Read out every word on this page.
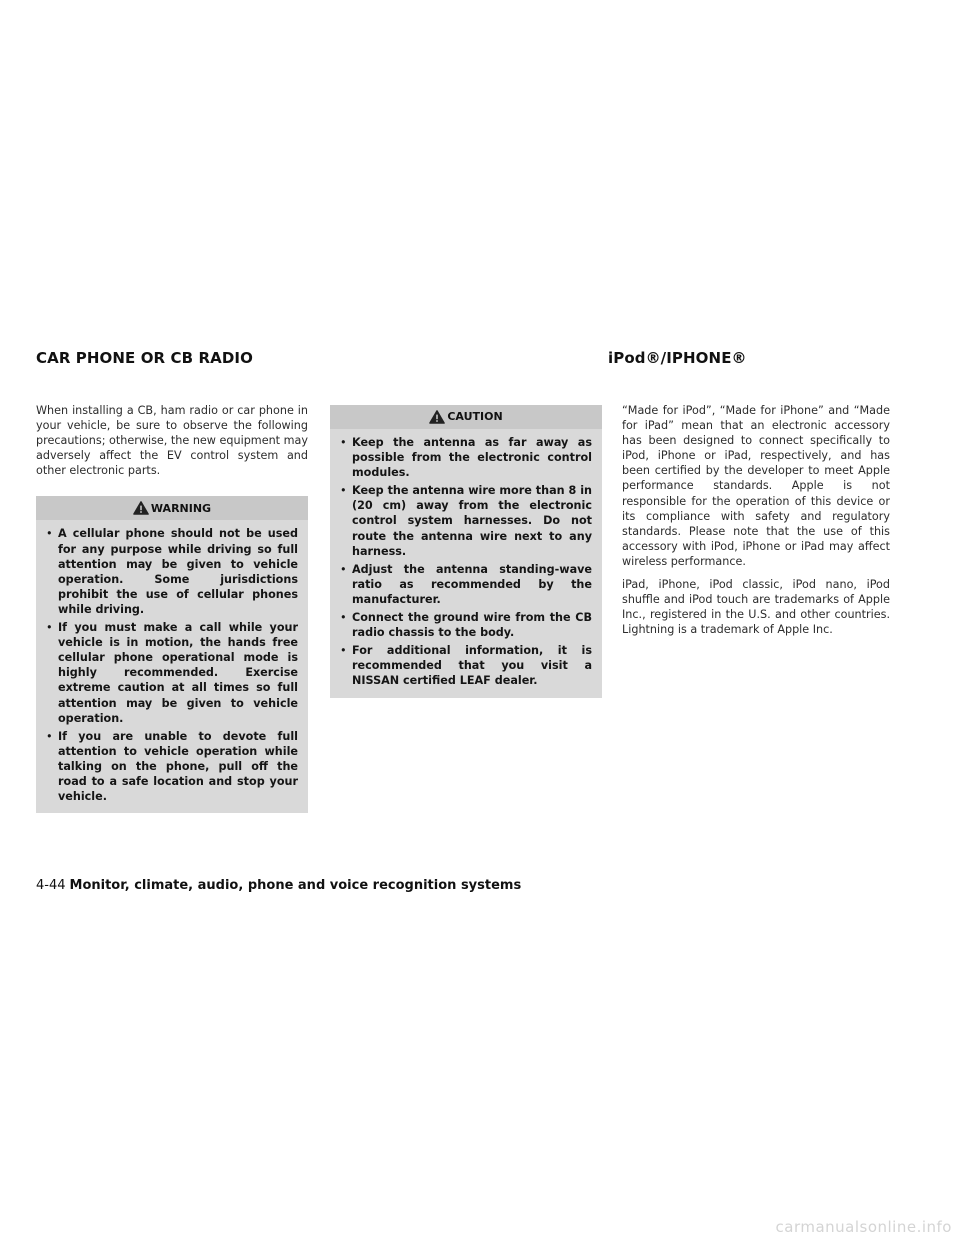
CAR PHONE OR CB RADIO	iPod®/IPHONE®

When installing a CB, ham radio or car phone in your vehicle, be sure to observe the following precautions; otherwise, the new equipment may adversely affect the EV control system and other electronic parts.

WARNING
• A cellular phone should not be used for any purpose while driving so full attention may be given to vehicle operation. Some jurisdictions prohibit the use of cellular phones while driving.
• If you must make a call while your vehicle is in motion, the hands free cellular phone operational mode is highly recommended. Exercise extreme caution at all times so full attention may be given to vehicle operation.
• If you are unable to devote full attention to vehicle operation while talking on the phone, pull off the road to a safe location and stop your vehicle.
CAUTION
• Keep the antenna as far away as possible from the electronic control modules.
• Keep the antenna wire more than 8 in (20 cm) away from the electronic control system harnesses. Do not route the antenna wire next to any harness.
• Adjust the antenna standing-wave ratio as recommended by the manufacturer.
• Connect the ground wire from the CB radio chassis to the body.
• For additional information, it is recommended that you visit a NISSAN certified LEAF dealer.

“Made for iPod”, “Made for iPhone” and “Made for iPad” mean that an electronic accessory has been designed to connect specifically to iPod, iPhone or iPad, respectively, and has been certified by the developer to meet Apple performance standards. Apple is not responsible for the operation of this device or its compliance with safety and regulatory standards. Please note that the use of this accessory with iPod, iPhone or iPad may affect wireless performance.

iPad, iPhone, iPod classic, iPod nano, iPod shuffle and iPod touch are trademarks of Apple Inc., registered in the U.S. and other countries. Lightning is a trademark of Apple Inc.

4-44 Monitor, climate, audio, phone and voice recognition systems
carmanualsonline.info
